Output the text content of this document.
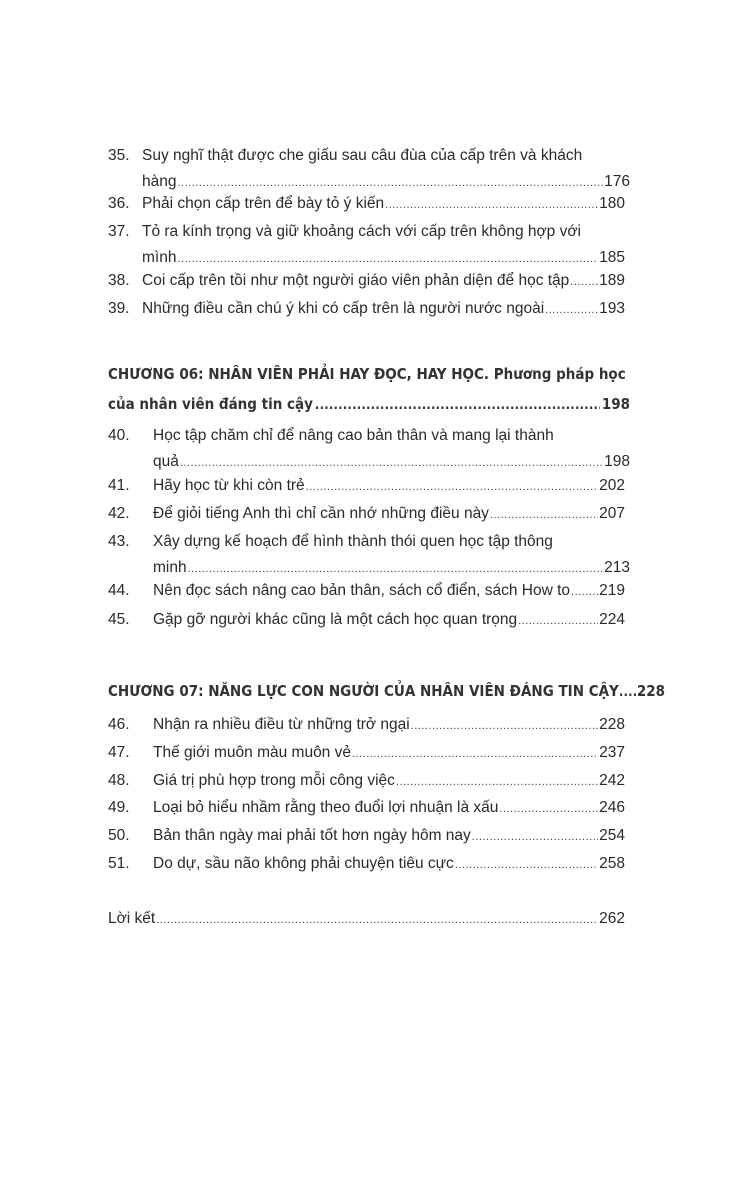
35. Suy nghĩ thật được che giấu sau câu đùa của cấp trên và khách
hàng .....	176
36. Phải chọn cấp trên để bày tỏ ý kiến .....	180
37. Tỏ ra kính trọng và giữ khoảng cách với cấp trên không hợp với
mình .....	185
38. Coi cấp trên tồi như một người giáo viên phản diện để học tập ..... 189
39. Những điều cần chú ý khi có cấp trên là người nước ngoài .....	193
CHƯƠNG 06: NHÂN VIÊN PHẢI HAY ĐỌC, HAY HỌC. Phương pháp học
của nhân viên đáng tin cậy .....	198
40. Học tập chăm chỉ để nâng cao bản thân và mang lại thành
quả .....	198
41. Hãy học từ khi còn trẻ .....	202
42. Để giỏi tiếng Anh thì chỉ cần nhớ những điều này .....	207
43. Xây dựng kế hoạch để hình thành thói quen học tập thông
minh .....	213
44. Nên đọc sách nâng cao bản thân, sách cổ điển, sách How to ..... 219
45. Gặp gỡ người khác cũng là một cách học quan trọng .....	224
CHƯƠNG 07: NĂNG LỰC CON NGƯỜI CỦA NHÂN VIÊN ĐÁNG TIN CẬY ..... 228
46. Nhận ra nhiều điều từ những trở ngại .....	228
47. Thế giới muôn màu muôn vẻ .....	237
48. Giá trị phù hợp trong mỗi công việc .....	242
49. Loại bỏ hiểu nhầm rằng theo đuổi lợi nhuận là xấu .....	246
50. Bản thân ngày mai phải tốt hơn ngày hôm nay .....	254
51. Do dự, sầu não không phải chuyện tiêu cực .....	258
Lời kết .....	262
